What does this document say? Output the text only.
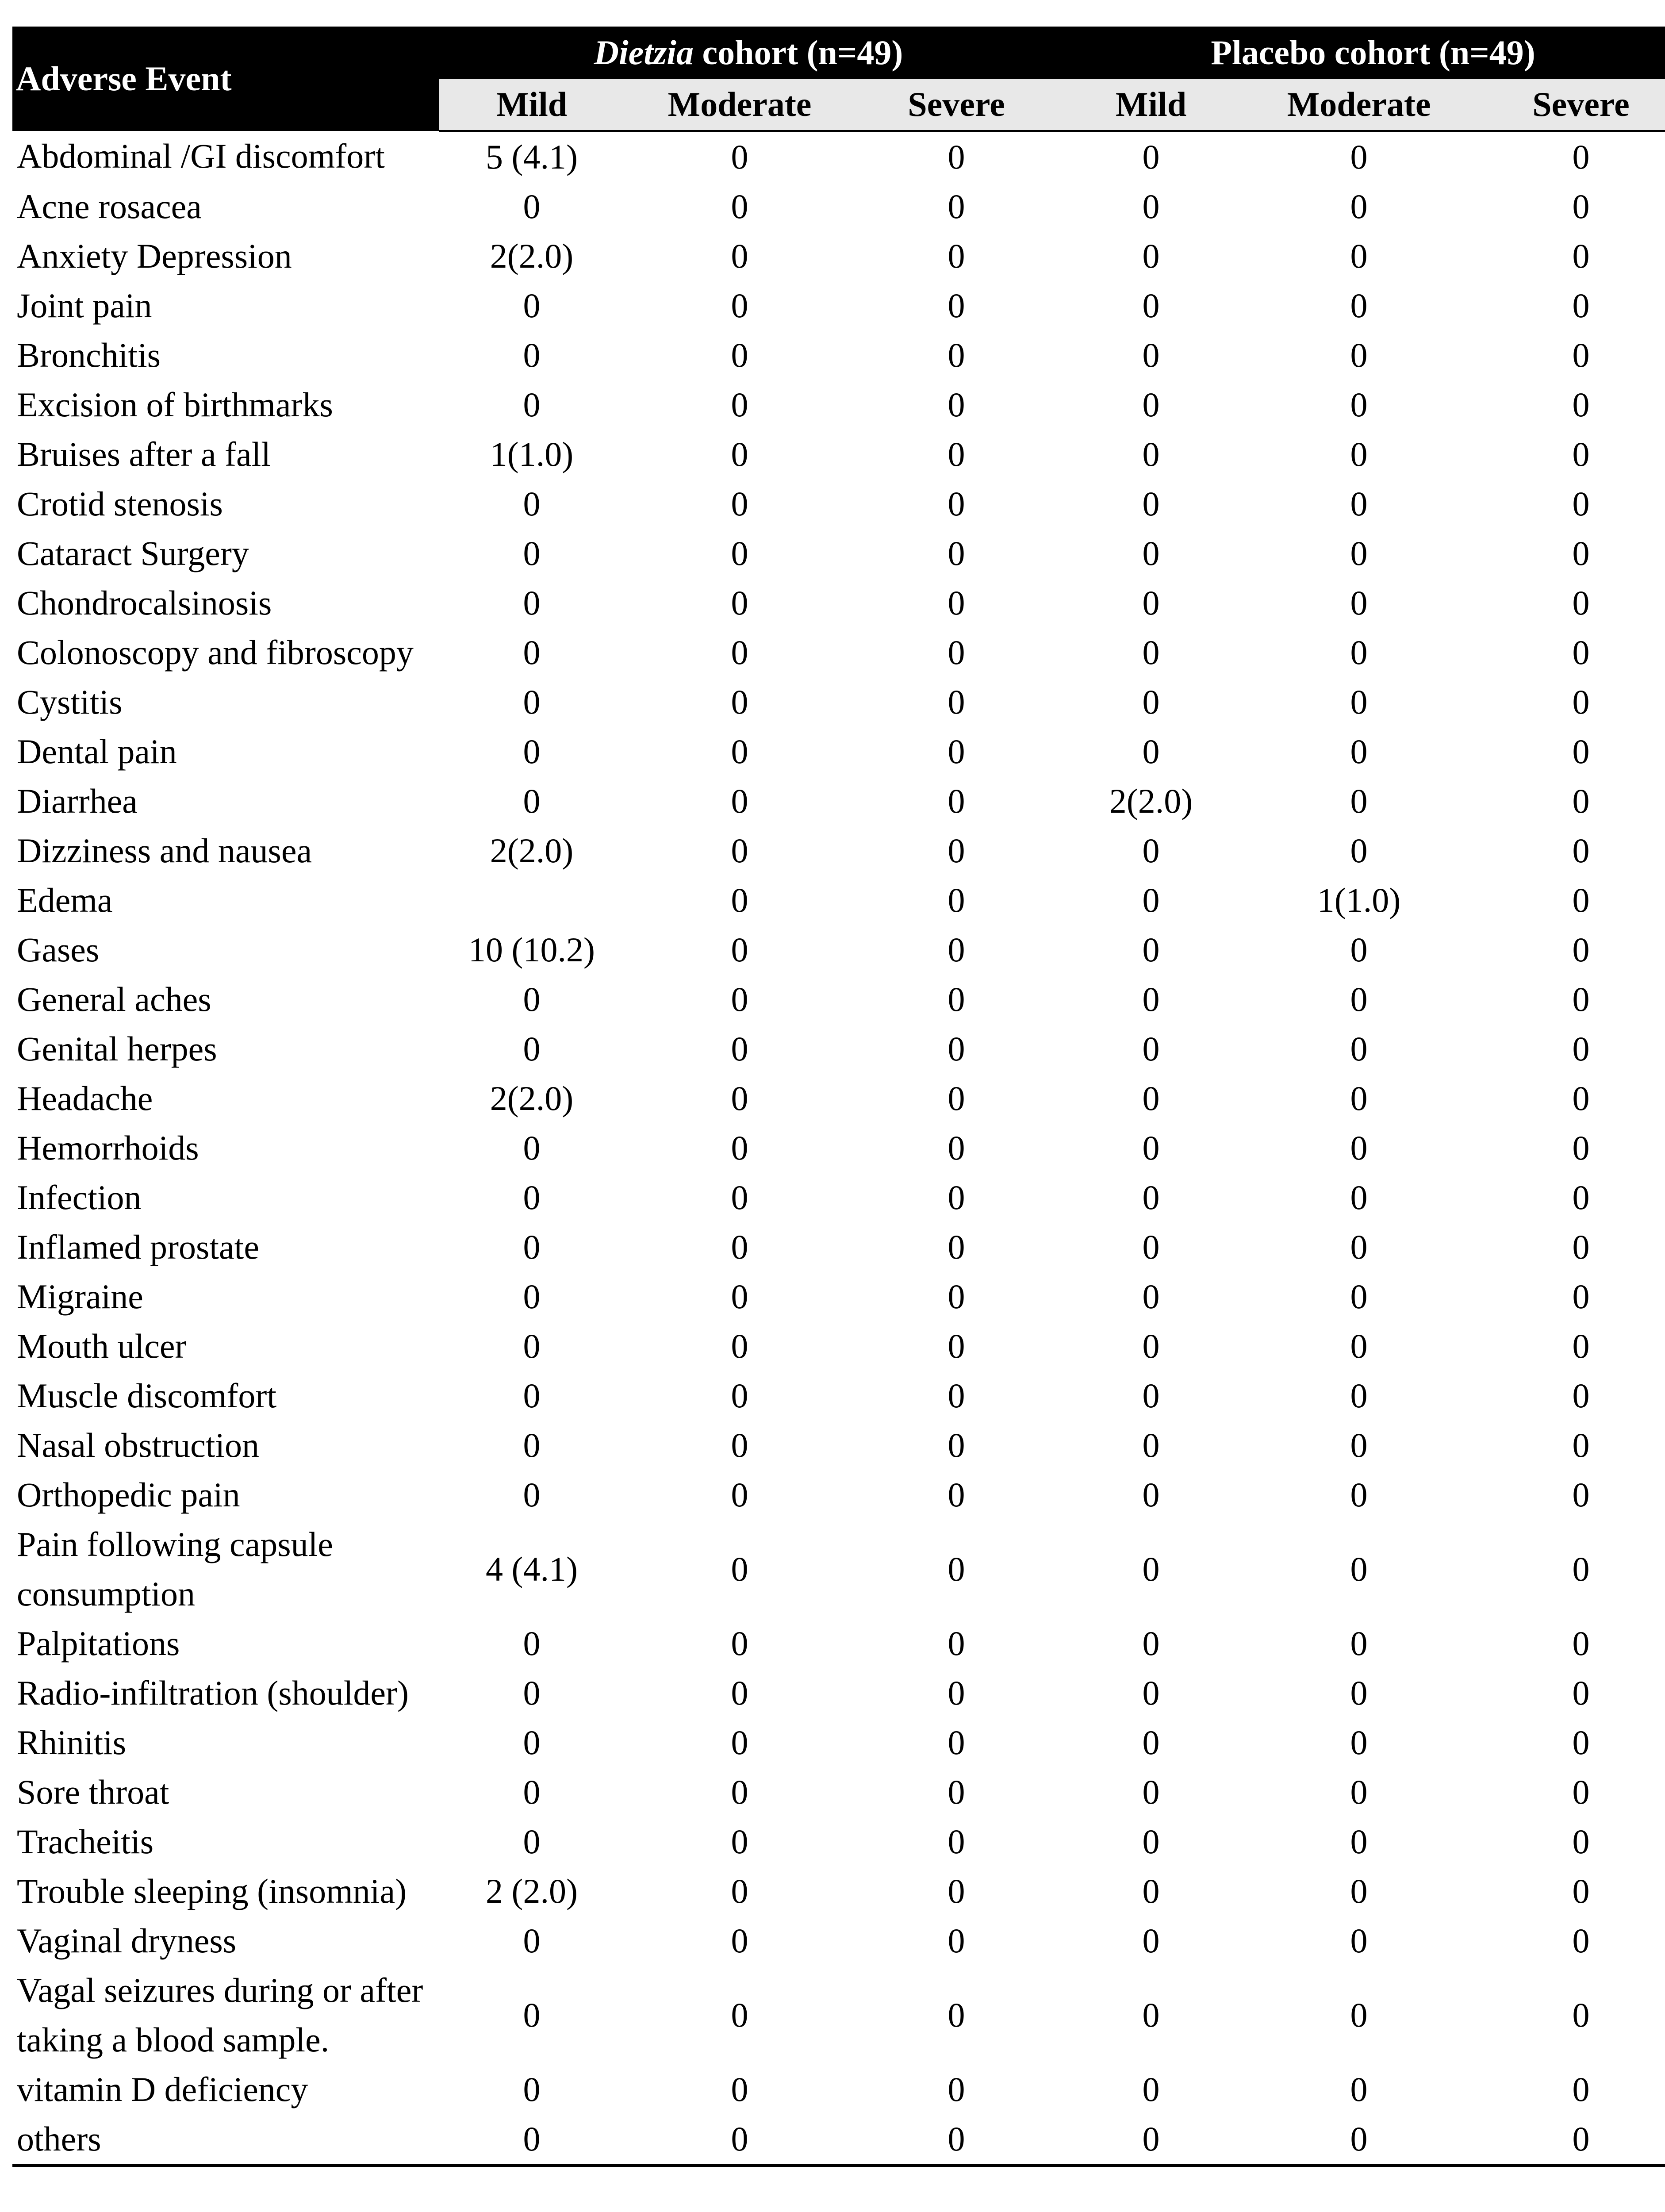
Adverse Event	Dietzia cohort (n=49)			Placebo cohort (n=49)		
	Mild	Moderate	Severe	Mild	Moderate	Severe
Abdominal /GI discomfort	5 (4.1)	0	0	0	0	0
Acne rosacea	0	0	0	0	0	0
Anxiety Depression	2(2.0)	0	0	0	0	0
Joint pain	0	0	0	0	0	0
Bronchitis	0	0	0	0	0	0
Excision of birthmarks	0	0	0	0	0	0
Bruises after a fall	1(1.0)	0	0	0	0	0
Crotid stenosis	0	0	0	0	0	0
Cataract Surgery	0	0	0	0	0	0
Chondrocalsinosis	0	0	0	0	0	0
Colonoscopy and fibroscopy	0	0	0	0	0	0
Cystitis	0	0	0	0	0	0
Dental pain	0	0	0	0	0	0
Diarrhea	0	0	0	2(2.0)	0	0
Dizziness and nausea	2(2.0)	0	0	0	0	0
Edema		0	0	0	1(1.0)	0
Gases	10 (10.2)	0	0	0	0	0
General aches	0	0	0	0	0	0
Genital herpes	0	0	0	0	0	0
Headache	2(2.0)	0	0	0	0	0
Hemorrhoids	0	0	0	0	0	0
Infection	0	0	0	0	0	0
Inflamed prostate	0	0	0	0	0	0
Migraine	0	0	0	0	0	0
Mouth ulcer	0	0	0	0	0	0
Muscle discomfort	0	0	0	0	0	0
Nasal obstruction	0	0	0	0	0	0
Orthopedic pain	0	0	0	0	0	0
Pain following capsule consumption	4 (4.1)	0	0	0	0	0
Palpitations	0	0	0	0	0	0
Radio-infiltration (shoulder)	0	0	0	0	0	0
Rhinitis	0	0	0	0	0	0
Sore throat	0	0	0	0	0	0
Tracheitis	0	0	0	0	0	0
Trouble sleeping (insomnia)	2 (2.0)	0	0	0	0	0
Vaginal dryness	0	0	0	0	0	0
Vagal seizures during or after taking a blood sample.	0	0	0	0	0	0
vitamin D deficiency	0	0	0	0	0	0
others	0	0	0	0	0	0
